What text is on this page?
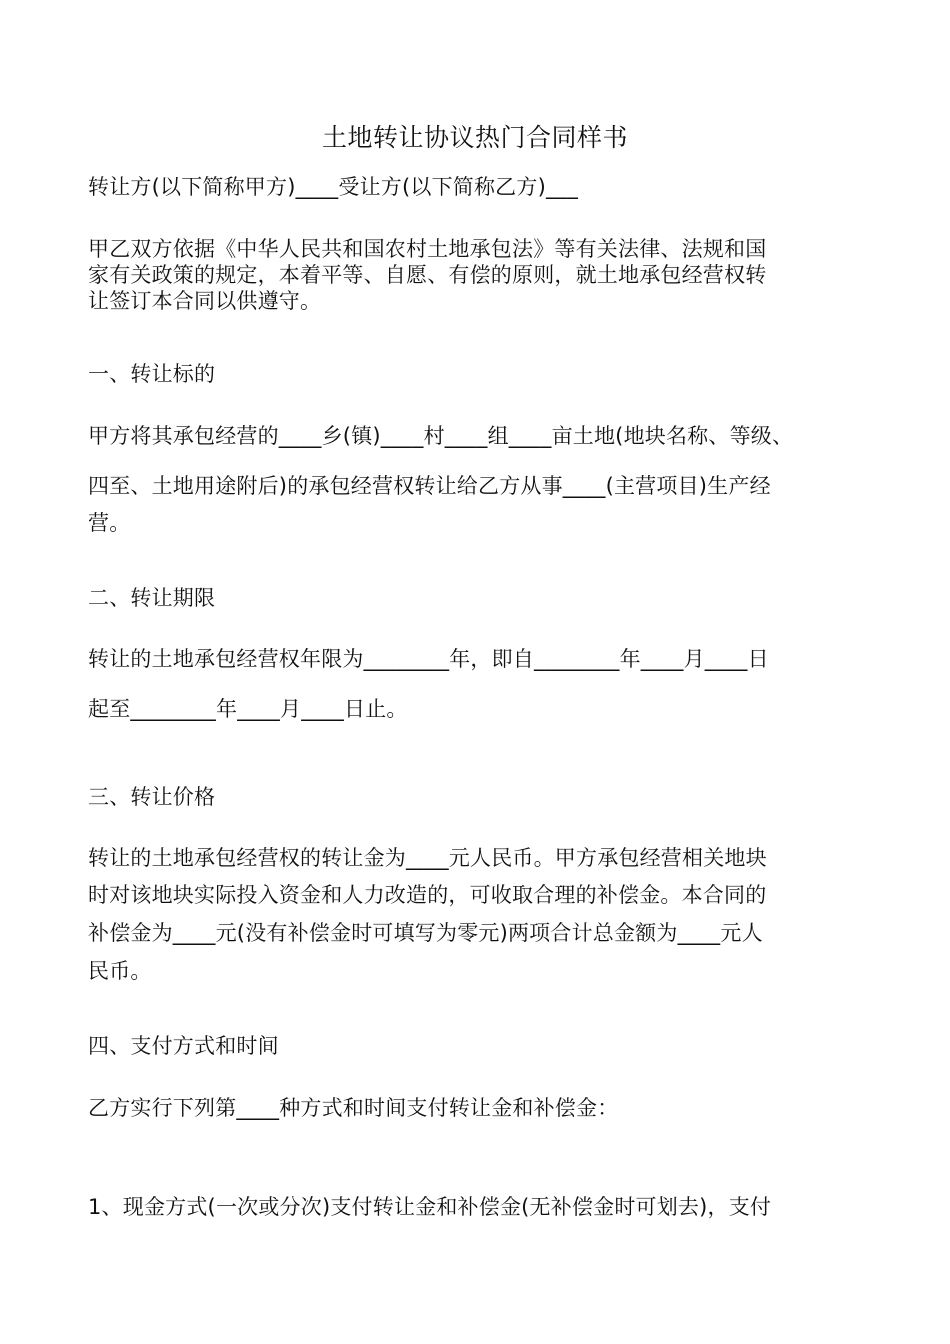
土地转让协议热门合同样书
转让方(以下简称甲方)____受让方(以下简称乙方)___
甲乙双方依据《中华人民共和国农村土地承包法》等有关法律、法规和国
家有关政策的规定，本着平等、自愿、有偿的原则，就土地承包经营权转
让签订本合同以供遵守。
一、转让标的
甲方将其承包经营的____乡(镇)____村____组____亩土地(地块名称、等级、
四至、土地用途附后)的承包经营权转让给乙方从事____(主营项目)生产经
营。
二、转让期限
转让的土地承包经营权年限为________年，即自________年____月____日
起至________年____月____日止。
三、转让价格
转让的土地承包经营权的转让金为____元人民币。甲方承包经营相关地块
时对该地块实际投入资金和人力改造的，可收取合理的补偿金。本合同的
补偿金为____元(没有补偿金时可填写为零元)两项合计总金额为____元人
民币。
四、支付方式和时间
乙方实行下列第____种方式和时间支付转让金和补偿金：
1、现金方式(一次或分次)支付转让金和补偿金(无补偿金时可划去)，支付
